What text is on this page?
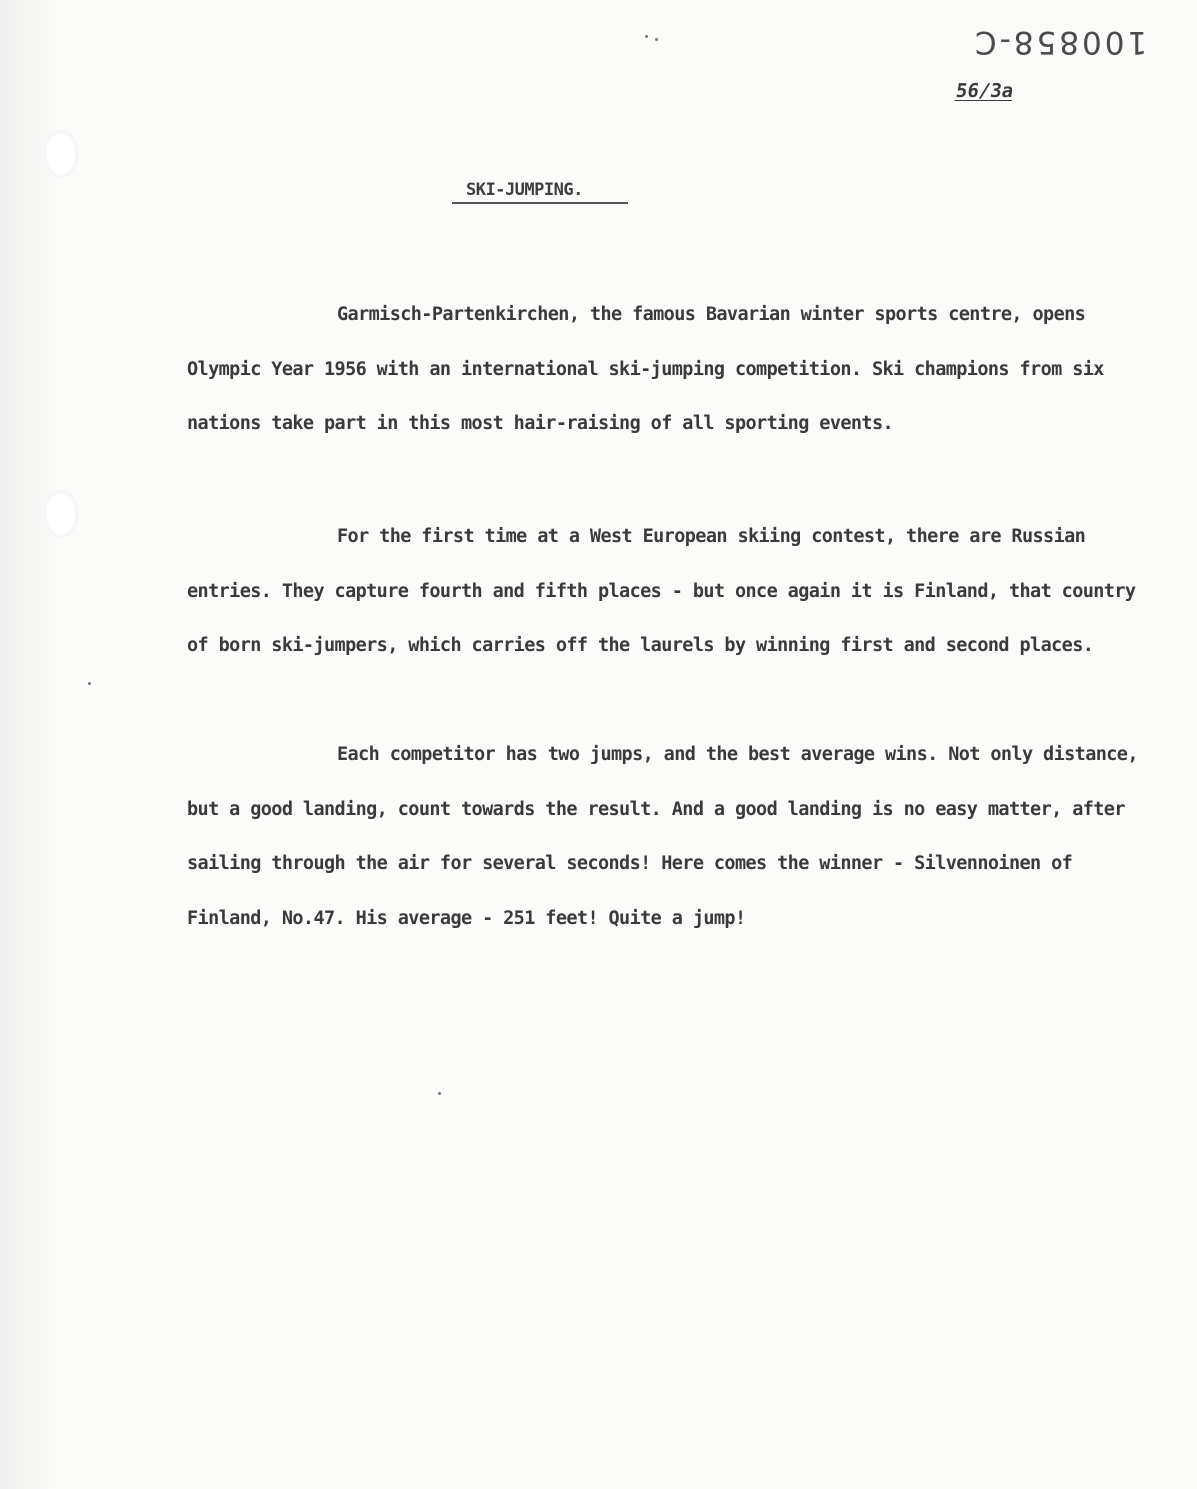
100858-C
56/3a
SKI-JUMPING.

Garmisch-Partenkirchen, the famous Bavarian winter sports centre, opens Olympic Year 1956 with an international ski-jumping competition. Ski champions from six nations take part in this most hair-raising of all sporting events.

For the first time at a West European skiing contest, there are Russian entries. They capture fourth and fifth places - but once again it is Finland, that country of born ski-jumpers, which carries off the laurels by winning first and second places.

Each competitor has two jumps, and the best average wins. Not only distance, but a good landing, count towards the result. And a good landing is no easy matter, after sailing through the air for several seconds! Here comes the winner - Silvennoinen of Finland, No.47. His average - 251 feet! Quite a jump!
